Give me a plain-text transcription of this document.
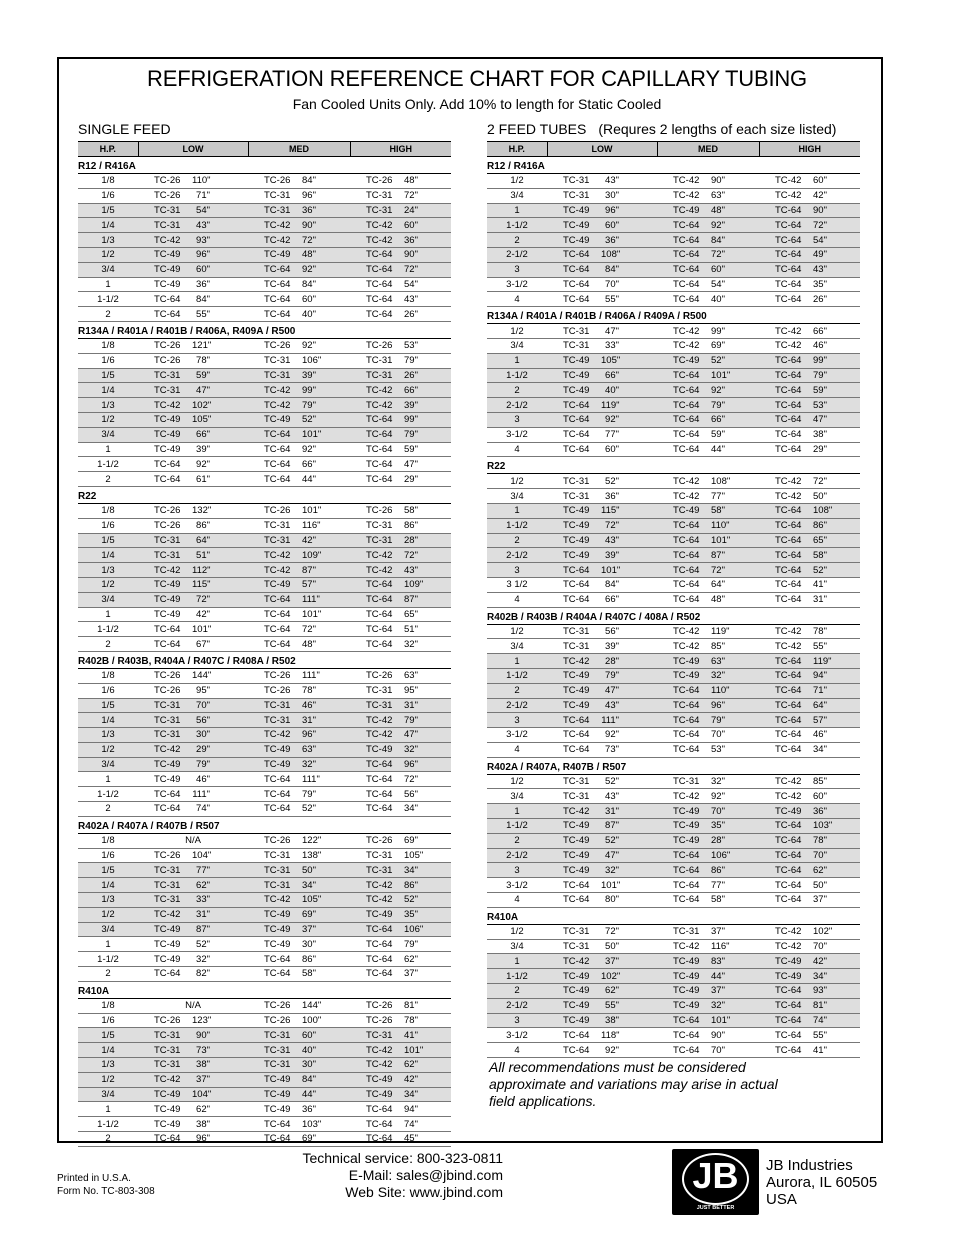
REFRIGERATION REFERENCE CHART FOR CAPILLARY TUBING
Fan Cooled Units Only. Add 10% to length for Static Cooled
SINGLE FEED
H.P.	LOW		MED		HIGH	
R12 / R416A						
1/8	TC-26	110"	TC-26	84"	TC-26	48"
1/6	TC-26	71"	TC-31	96"	TC-31	72"
1/5	TC-31	54"	TC-31	36"	TC-31	24"
1/4	TC-31	43"	TC-42	90"	TC-42	60"
1/3	TC-42	93"	TC-42	72"	TC-42	36"
1/2	TC-49	96"	TC-49	48"	TC-64	90"
3/4	TC-49	60"	TC-64	92"	TC-64	72"
1	TC-49	36"	TC-64	84"	TC-64	54"
1-1/2	TC-64	84"	TC-64	60"	TC-64	43"
2	TC-64	55"	TC-64	40"	TC-64	26"
R134A / R401A / R401B / R406A, R409A / R500						
1/8	TC-26	121"	TC-26	92"	TC-26	53"
1/6	TC-26	78"	TC-31	106"	TC-31	79"
1/5	TC-31	59"	TC-31	39"	TC-31	26"
1/4	TC-31	47"	TC-42	99"	TC-42	66"
1/3	TC-42	102"	TC-42	79"	TC-42	39"
1/2	TC-49	105"	TC-49	52"	TC-64	99"
3/4	TC-49	66"	TC-64	101"	TC-64	79"
1	TC-49	39"	TC-64	92"	TC-64	59"
1-1/2	TC-64	92"	TC-64	66"	TC-64	47"
2	TC-64	61"	TC-64	44"	TC-64	29"
R22						
1/8	TC-26	132"	TC-26	101"	TC-26	58"
1/6	TC-26	86"	TC-31	116"	TC-31	86"
1/5	TC-31	64"	TC-31	42"	TC-31	28"
1/4	TC-31	51"	TC-42	109"	TC-42	72"
1/3	TC-42	112"	TC-42	87"	TC-42	43"
1/2	TC-49	115"	TC-49	57"	TC-64	109"
3/4	TC-49	72"	TC-64	111"	TC-64	87"
1	TC-49	42"	TC-64	101"	TC-64	65"
1-1/2	TC-64	101"	TC-64	72"	TC-64	51"
2	TC-64	67"	TC-64	48"	TC-64	32"
R402B / R403B, R404A / R407C / R408A / R502						
1/8	TC-26	144"	TC-26	111"	TC-26	63"
1/6	TC-26	95"	TC-26	78"	TC-31	95"
1/5	TC-31	70"	TC-31	46"	TC-31	31"
1/4	TC-31	56"	TC-31	31"	TC-42	79"
1/3	TC-31	30"	TC-42	96"	TC-42	47"
1/2	TC-42	29"	TC-49	63"	TC-49	32"
3/4	TC-49	79"	TC-49	32"	TC-64	96"
1	TC-49	46"	TC-64	111"	TC-64	72"
1-1/2	TC-64	111"	TC-64	79"	TC-64	56"
2	TC-64	74"	TC-64	52"	TC-64	34"
R402A / R407A / R407B / R507						
1/8	N/A		TC-26	122"	TC-26	69"
1/6	TC-26	104"	TC-31	138"	TC-31	105"
1/5	TC-31	77"	TC-31	50"	TC-31	34"
1/4	TC-31	62"	TC-31	34"	TC-42	86"
1/3	TC-31	33"	TC-42	105"	TC-42	52"
1/2	TC-42	31"	TC-49	69"	TC-49	35"
3/4	TC-49	87"	TC-49	37"	TC-64	106"
1	TC-49	52"	TC-49	30"	TC-64	79"
1-1/2	TC-49	32"	TC-64	86"	TC-64	62"
2	TC-64	82"	TC-64	58"	TC-64	37"
R410A						
1/8	N/A		TC-26	144"	TC-26	81"
1/6	TC-26	123"	TC-26	100"	TC-26	78"
1/5	TC-31	90"	TC-31	60"	TC-31	41"
1/4	TC-31	73"	TC-31	40"	TC-42	101"
1/3	TC-31	38"	TC-31	30"	TC-42	62"
1/2	TC-42	37"	TC-49	84"	TC-49	42"
3/4	TC-49	104"	TC-49	44"	TC-49	34"
1	TC-49	62"	TC-49	36"	TC-64	94"
1-1/2	TC-49	38"	TC-64	103"	TC-64	74"
2	TC-64	96"	TC-64	69"	TC-64	45"
2 FEED TUBES (Requres 2 lengths of each size listed)
H.P.	LOW		MED		HIGH	
R12 / R416A						
1/2	TC-31	43"	TC-42	90"	TC-42	60"
3/4	TC-31	30"	TC-42	63"	TC-42	42"
1	TC-49	96"	TC-49	48"	TC-64	90"
1-1/2	TC-49	60"	TC-64	92"	TC-64	72"
2	TC-49	36"	TC-64	84"	TC-64	54"
2-1/2	TC-64	108"	TC-64	72"	TC-64	49"
3	TC-64	84"	TC-64	60"	TC-64	43"
3-1/2	TC-64	70"	TC-64	54"	TC-64	35"
4	TC-64	55"	TC-64	40"	TC-64	26"
R134A / R401A / R401B / R406A / R409A / R500						
1/2	TC-31	47"	TC-42	99"	TC-42	66"
3/4	TC-31	33"	TC-42	69"	TC-42	46"
1	TC-49	105"	TC-49	52"	TC-64	99"
1-1/2	TC-49	66"	TC-64	101"	TC-64	79"
2	TC-49	40"	TC-64	92"	TC-64	59"
2-1/2	TC-64	119"	TC-64	79"	TC-64	53"
3	TC-64	92"	TC-64	66"	TC-64	47"
3-1/2	TC-64	77"	TC-64	59"	TC-64	38"
4	TC-64	60"	TC-64	44"	TC-64	29"
R22						
1/2	TC-31	52"	TC-42	108"	TC-42	72"
3/4	TC-31	36"	TC-42	77"	TC-42	50"
1	TC-49	115"	TC-49	58"	TC-64	108"
1-1/2	TC-49	72"	TC-64	110"	TC-64	86"
2	TC-49	43"	TC-64	101"	TC-64	65"
2-1/2	TC-49	39"	TC-64	87"	TC-64	58"
3	TC-64	101"	TC-64	72"	TC-64	52"
3 1/2	TC-64	84"	TC-64	64"	TC-64	41"
4	TC-64	66"	TC-64	48"	TC-64	31"
R402B / R403B / R404A / R407C / 408A / R502						
1/2	TC-31	56"	TC-42	119"	TC-42	78"
3/4	TC-31	39"	TC-42	85"	TC-42	55"
1	TC-42	28"	TC-49	63"	TC-64	119"
1-1/2	TC-49	79"	TC-49	32"	TC-64	94"
2	TC-49	47"	TC-64	110"	TC-64	71"
2-1/2	TC-49	43"	TC-64	96"	TC-64	64"
3	TC-64	111"	TC-64	79"	TC-64	57"
3-1/2	TC-64	92"	TC-64	70"	TC-64	46"
4	TC-64	73"	TC-64	53"	TC-64	34"
R402A / R407A, R407B / R507						
1/2	TC-31	52"	TC-31	32"	TC-42	85"
3/4	TC-31	43"	TC-42	92"	TC-42	60"
1	TC-42	31"	TC-49	70"	TC-49	36"
1-1/2	TC-49	87"	TC-49	35"	TC-64	103"
2	TC-49	52"	TC-49	28"	TC-64	78"
2-1/2	TC-49	47"	TC-64	106"	TC-64	70"
3	TC-49	32"	TC-64	86"	TC-64	62"
3-1/2	TC-64	101"	TC-64	77"	TC-64	50"
4	TC-64	80"	TC-64	58"	TC-64	37"
R410A						
1/2	TC-31	72"	TC-31	37"	TC-42	102"
3/4	TC-31	50"	TC-42	116"	TC-42	70"
1	TC-42	37"	TC-49	83"	TC-49	42"
1-1/2	TC-49	102"	TC-49	44"	TC-49	34"
2	TC-49	62"	TC-49	37"	TC-64	93"
2-1/2	TC-49	55"	TC-49	32"	TC-64	81"
3	TC-49	38"	TC-64	101"	TC-64	74"
3-1/2	TC-64	118"	TC-64	90"	TC-64	55"
4	TC-64	92"	TC-64	70"	TC-64	41"
All recommendations must be considered
approximate and variations may arise in actual
field applications.
Printed in U.S.A.
Form No. TC-803-308
Technical service: 800-323-0811
E-Mail: sales@jbind.com
Web Site: www.jbind.com	JB
JUST BETTER
JB Industries
Aurora, IL 60505
USA
